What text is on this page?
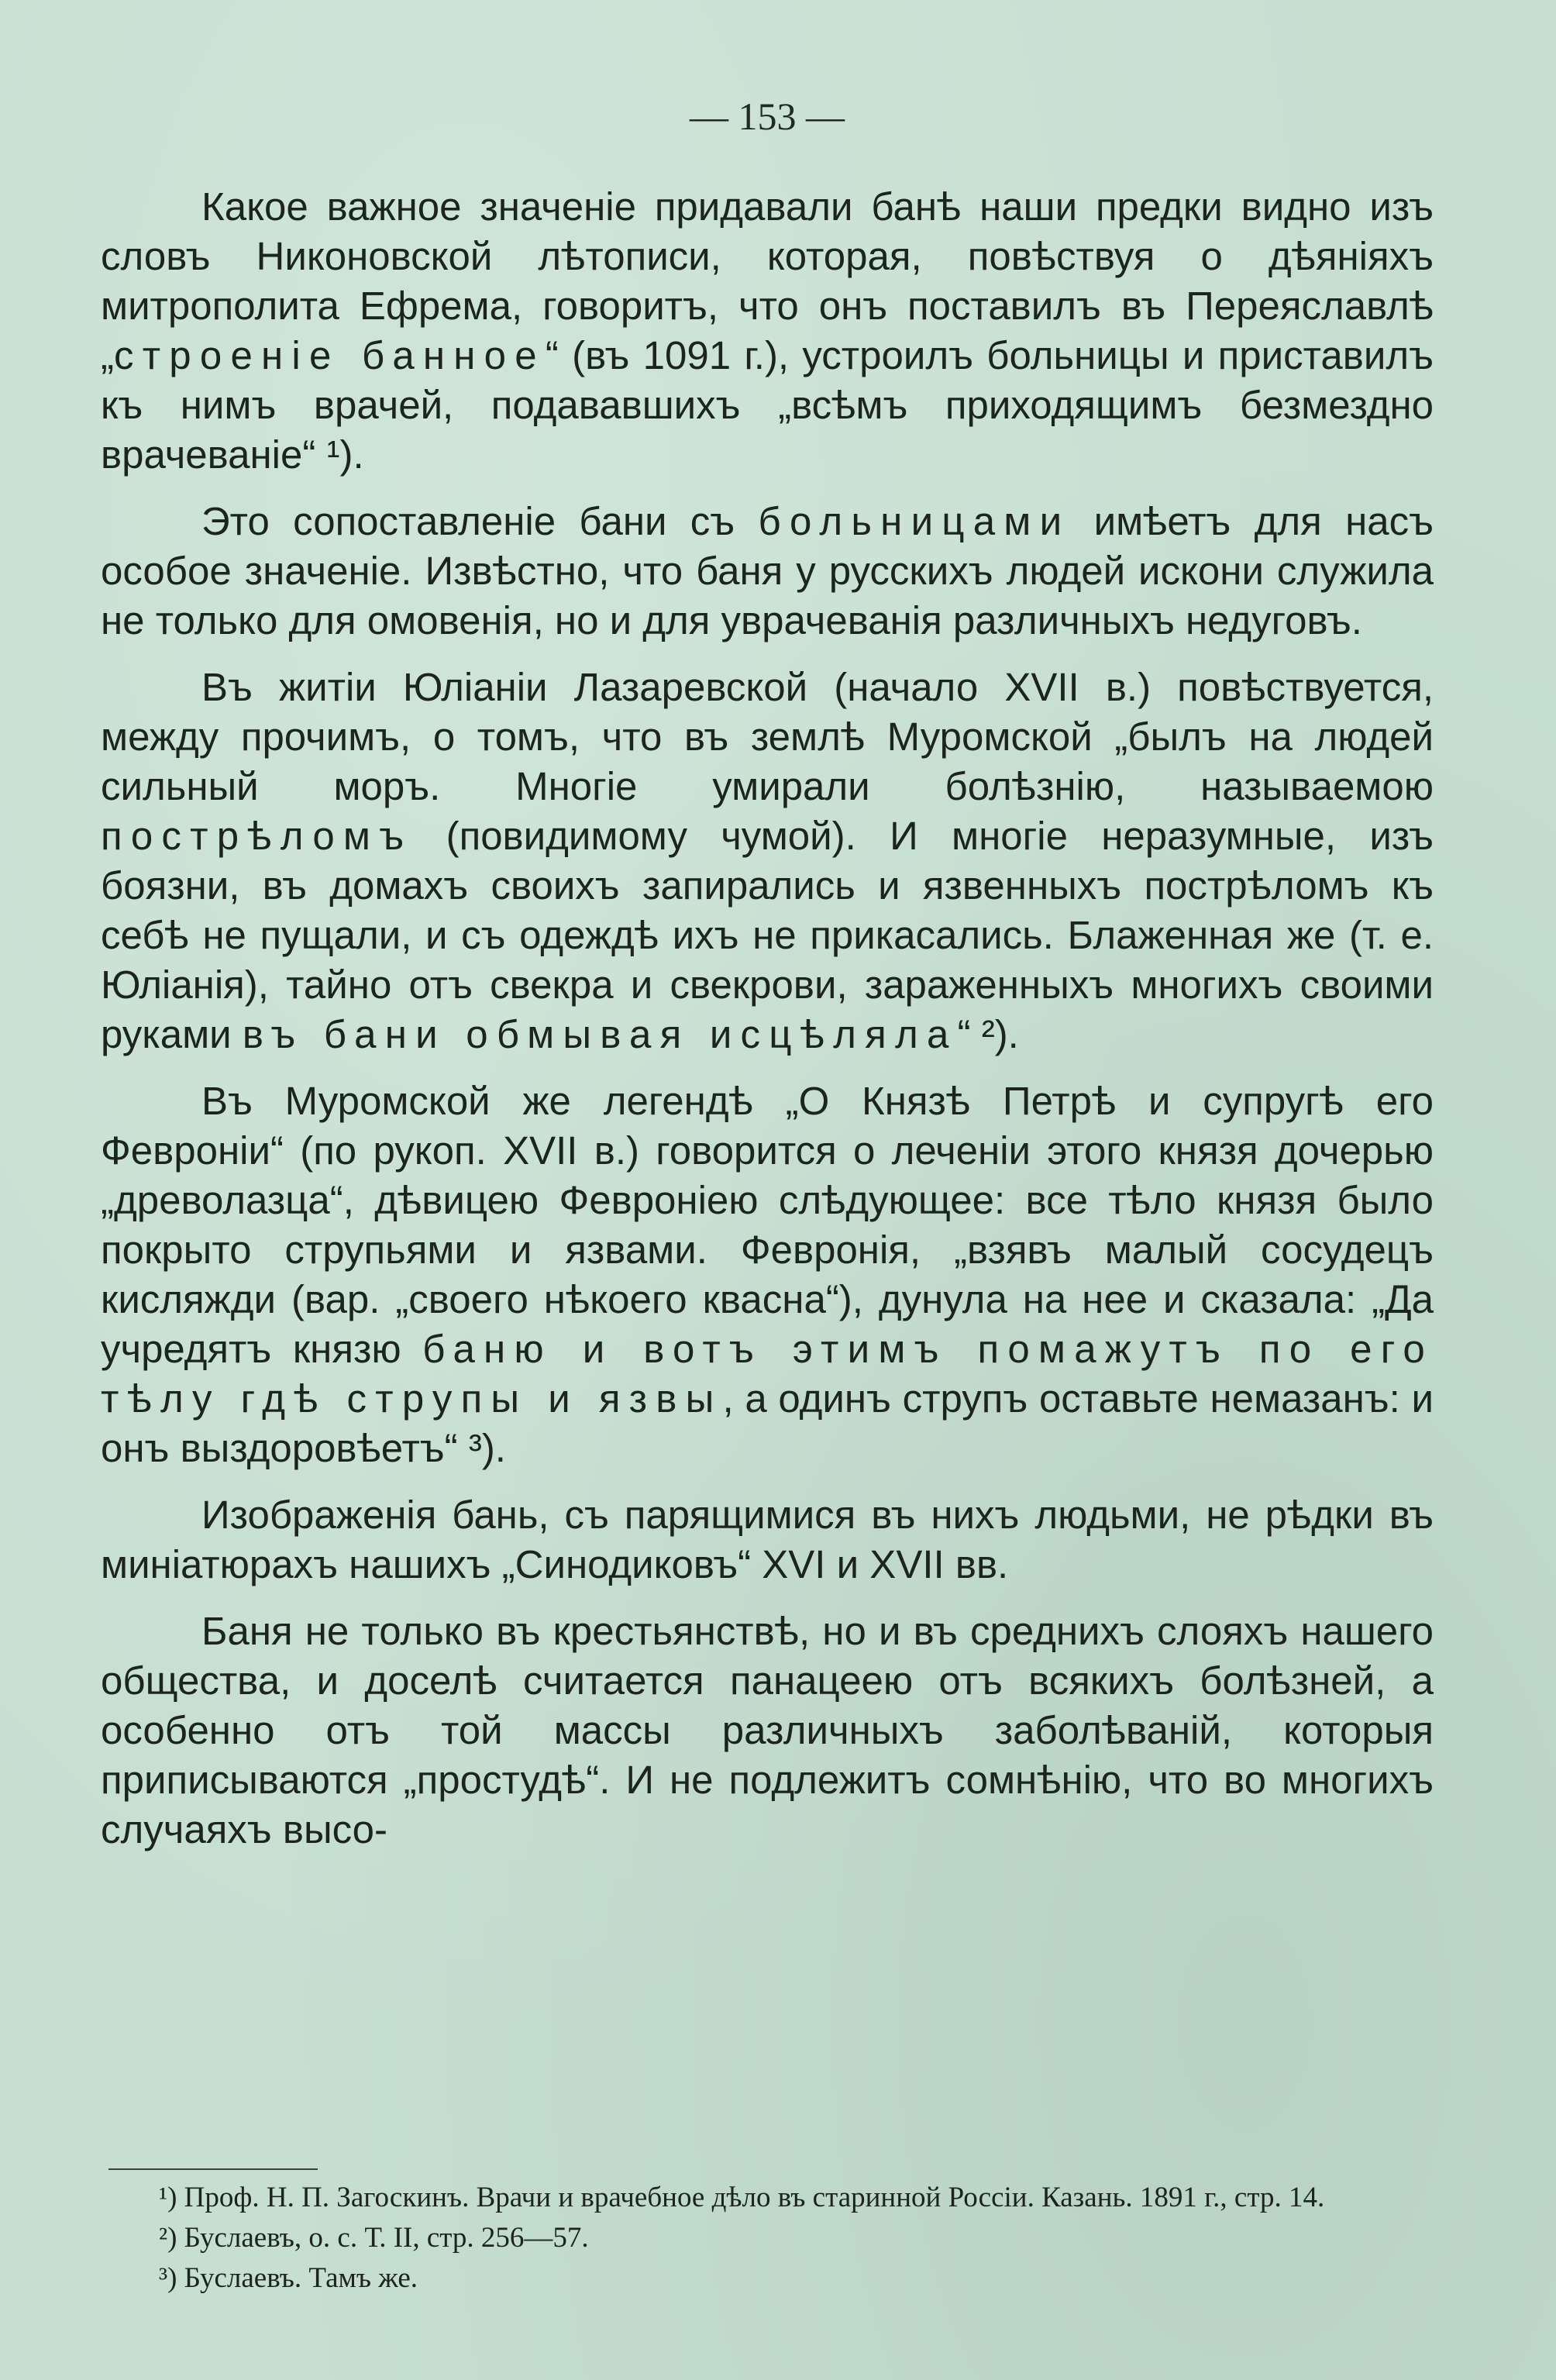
— 153 —

Какое важное значенiе придавали банѣ наши предки видно изъ словъ Никоновской лѣтописи, которая, повѣствуя о дѣянiяхъ митрополита Ефрема, говоритъ, что онъ поставилъ въ Переяславлѣ „строенiе банное“ (въ 1091 г.), устроилъ больницы и приставилъ къ нимъ врачей, подававшихъ „всѣмъ приходящимъ безмездно врачеванiе“ ¹).

Это сопоставленiе бани съ больницами имѣетъ для насъ особое значенiе. Извѣстно, что баня у русскихъ людей искони служила не только для омовенiя, но и для уврачеванiя различныхъ недуговъ.

Въ житiи Юлiанiи Лазаревской (начало XVII в.) повѣствуется, между прочимъ, о томъ, что въ землѣ Муромской „былъ на людей сильный моръ. Многiе умирали болѣзнiю, называемою пострѣломъ (повидимому чумой). И многiе неразумные, изъ боязни, въ домахъ своихъ запирались и язвенныхъ пострѣломъ къ себѣ не пущали, и съ одеждѣ ихъ не прикасались. Блаженная же (т. е. Юлiанiя), тайно отъ свекра и свекрови, зараженныхъ многихъ своими руками въ бани обмывая исцѣляла“ ²).

Въ Муромской же легендѣ „О Князѣ Петрѣ и супругѣ его Февронiи“ (по рукоп. XVII в.) говорится о леченiи этого князя дочерью „древолазца“, дѣвицею Февронiею слѣдующее: все тѣло князя было покрыто струпьями и язвами. Февронiя, „взявъ малый сосудецъ кисляжди (вар. „своего нѣкоего квасна“), дунула на нее и сказала: „Да учредятъ князю баню и вотъ этимъ помажутъ по его тѣлу гдѣ струпы и язвы, а одинъ струпъ оставьте немазанъ: и онъ выздоровѣетъ“ ³).

Изображенiя бань, съ парящимися въ нихъ людьми, не рѣдки въ миніатюрахъ нашихъ „Синодиковъ“ XVI и XVII вв.

Баня не только въ крестьянствѣ, но и въ среднихъ слояхъ нашего общества, и доселѣ считается панацеею отъ всякихъ болѣзней, а особенно отъ той массы различныхъ заболѣванiй, которыя приписываются „простудѣ“. И не подлежитъ сомнѣнiю, что во многихъ случаяхъ высо-

¹) Проф. Н. П. Загоскинъ. Врачи и врачебное дѣло въ старинной Россiи. Казань. 1891 г., стр. 14.

²) Буслаевъ, о. с. Т. II, стр. 256—57.

³) Буслаевъ. Тамъ же.
